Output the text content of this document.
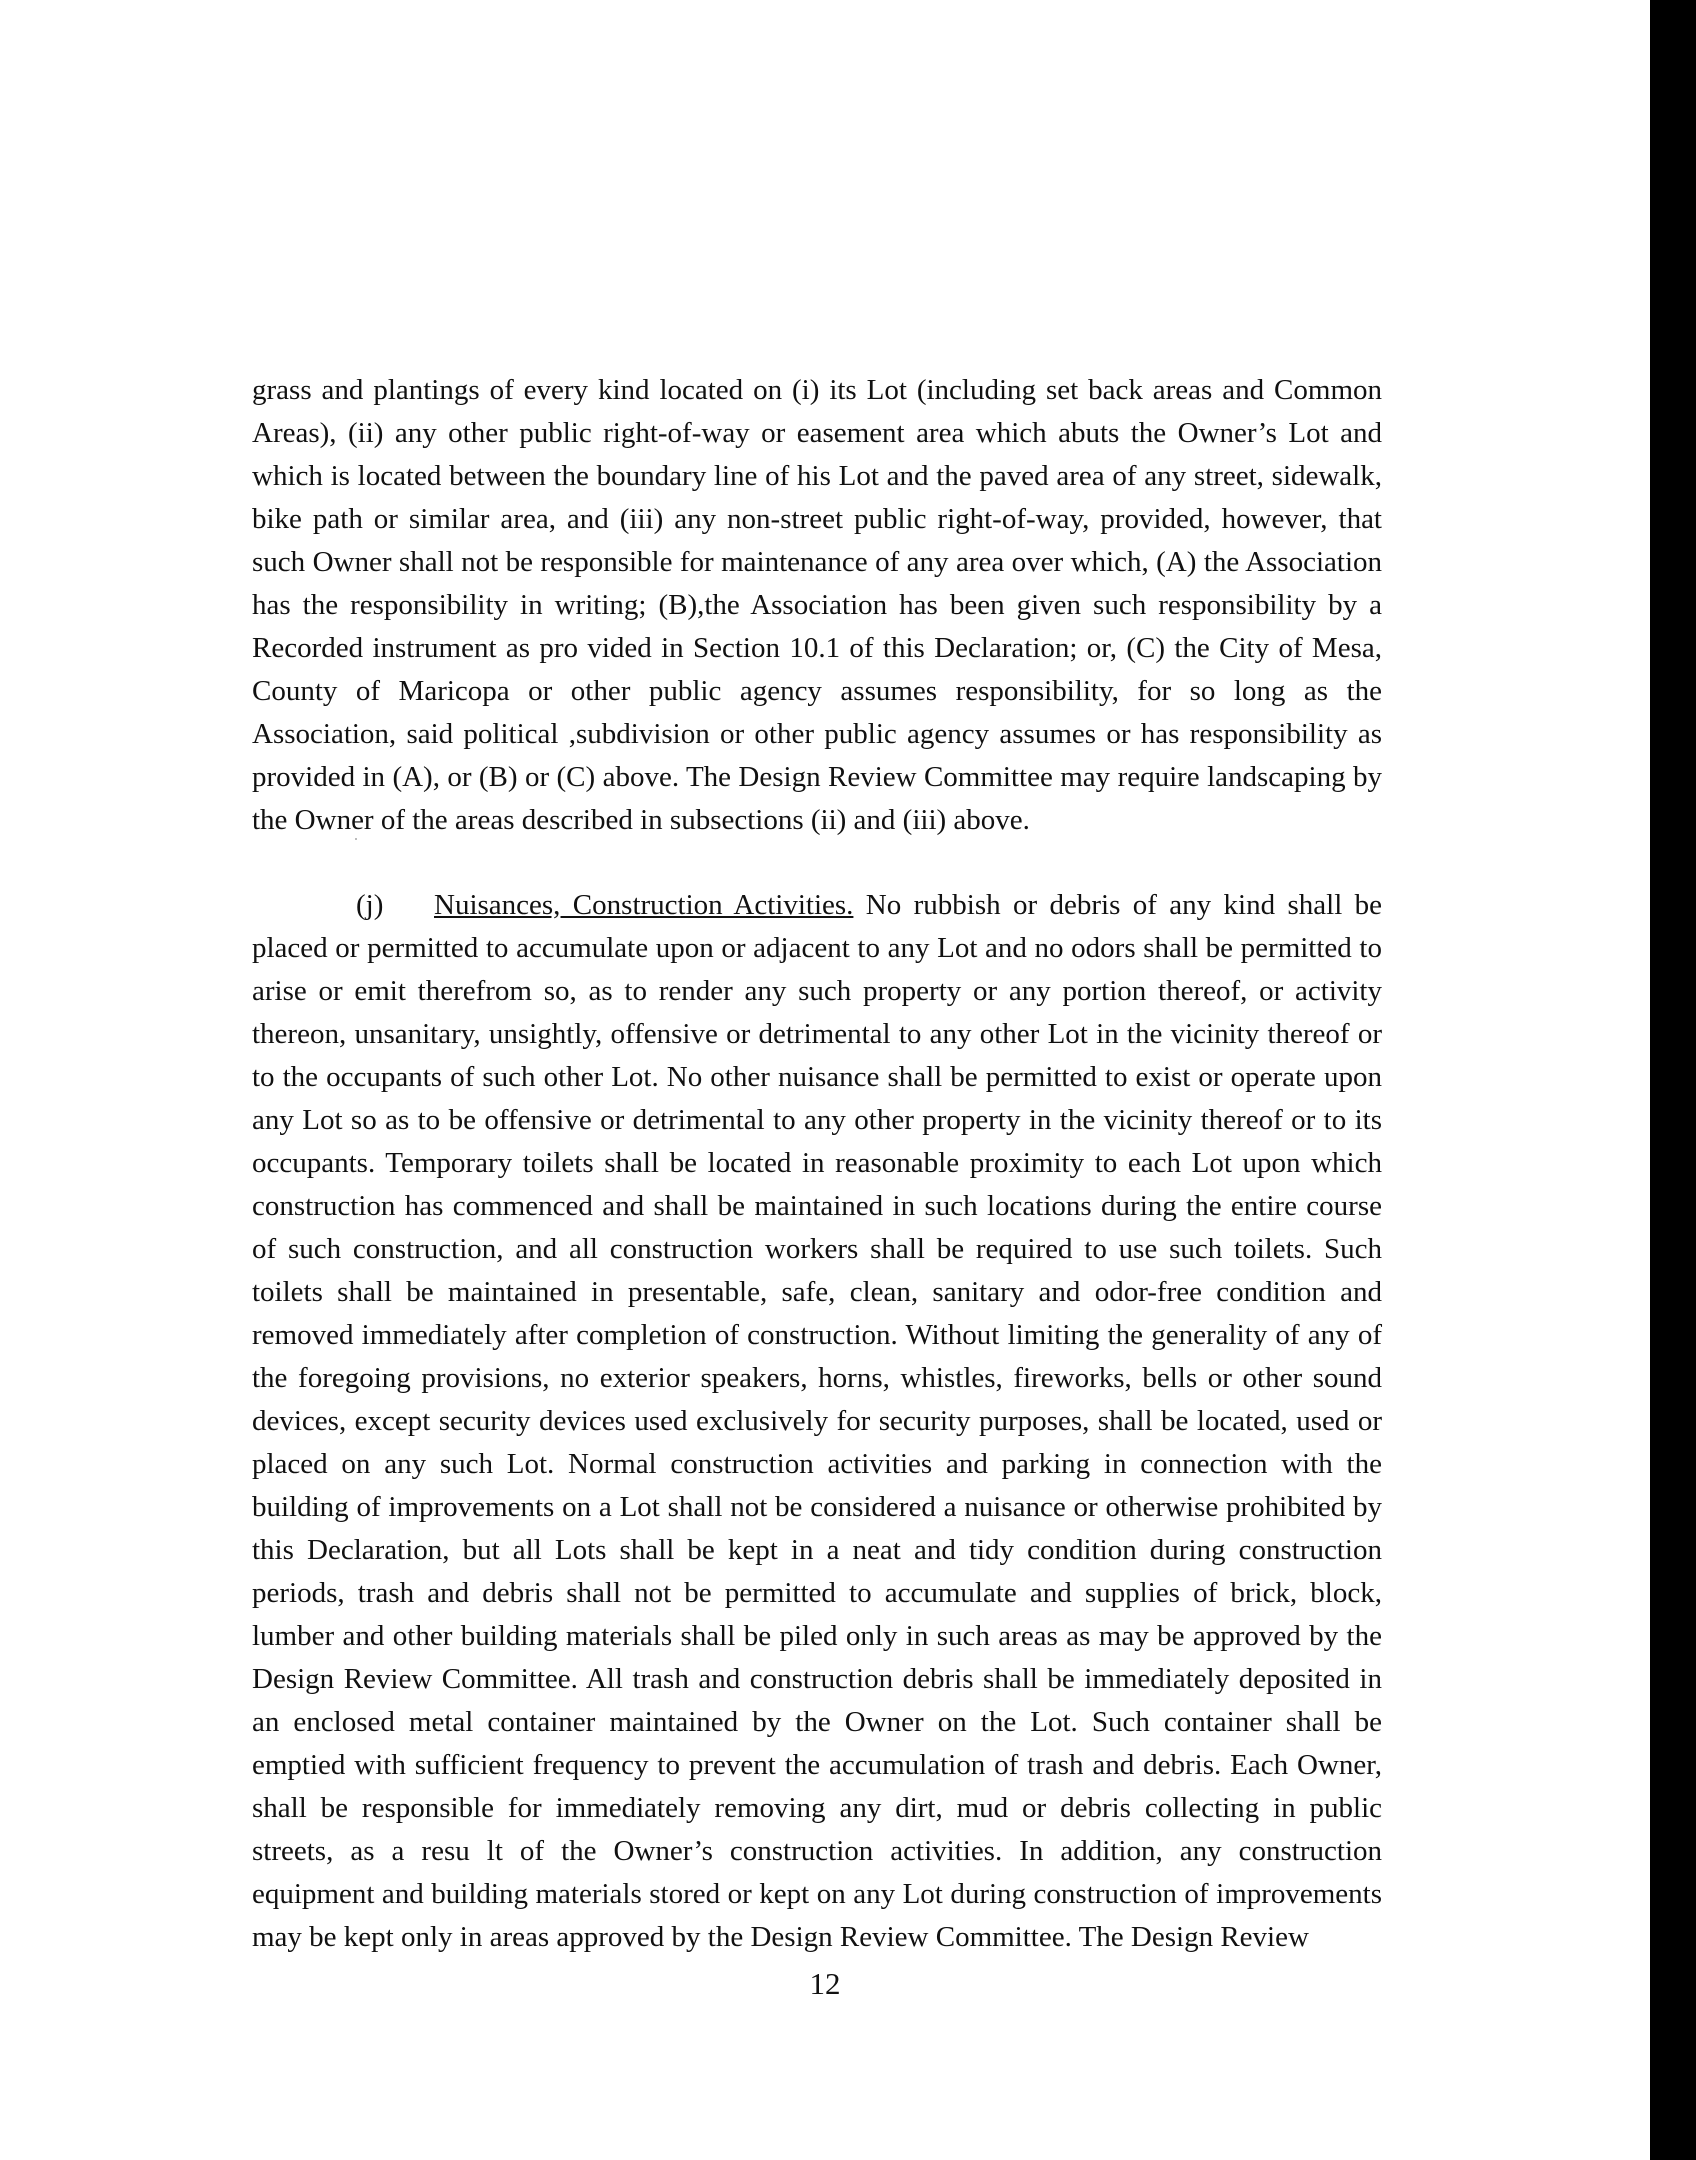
grass and plantings of every kind located on (i) its Lot (including set back areas and Common Areas), (ii) any other public right-of-way or easement area which abuts the Owner’s Lot and which is located between the boundary line of his Lot and the paved area of any street, sidewalk, bike path or similar area, and (iii) any non-street public right-of-way, provided, however, that such Owner shall not be responsible for maintenance of any area over which, (A) the Association has the responsibility in writing; (B),the Association has been given such responsibility by a Recorded instrument as pro vided in Section 10.1 of this Declaration; or, (C) the City of Mesa, County of Maricopa or other public agency assumes responsibility, for so long as the Association, said political ,subdivision or other public agency assumes or has responsibility as provided in (A), or (B) or (C) above. The Design Review Committee may require landscaping by the Owner of the areas described in subsections (ii) and (iii) above.

(j) Nuisances, Construction Activities. No rubbish or debris of any kind shall be placed or permitted to accumulate upon or adjacent to any Lot and no odors shall be permitted to arise or emit therefrom so, as to render any such property or any portion thereof, or activity thereon, unsanitary, unsightly, offensive or detrimental to any other Lot in the vicinity thereof or to the occupants of such other Lot. No other nuisance shall be permitted to exist or operate upon any Lot so as to be offensive or detrimental to any other property in the vicinity thereof or to its occupants. Temporary toilets shall be located in reasonable proximity to each Lot upon which construction has commenced and shall be maintained in such locations during the entire course of such construction, and all construction workers shall be required to use such toilets. Such toilets shall be maintained in presentable, safe, clean, sanitary and odor-free condition and removed immediately after completion of construction. Without limiting the generality of any of the foregoing provisions, no exterior speakers, horns, whistles, fireworks, bells or other sound devices, except security devices used exclusively for security purposes, shall be located, used or placed on any such Lot. Normal construction activities and parking in connection with the building of improvements on a Lot shall not be considered a nuisance or otherwise prohibited by this Declaration, but all Lots shall be kept in a neat and tidy condition during construction periods, trash and debris shall not be permitted to accumulate and supplies of brick, block, lumber and other building materials shall be piled only in such areas as may be approved by the Design Review Committee. All trash and construction debris shall be immediately deposited in an enclosed metal container maintained by the Owner on the Lot. Such container shall be emptied with sufficient frequency to prevent the accumulation of trash and debris. Each Owner, shall be responsible for immediately removing any dirt, mud or debris collecting in public streets, as a resu lt of the Owner’s construction activities. In addition, any construction equipment and building materials stored or kept on any Lot during construction of improvements may be kept only in areas approved by the Design Review Committee. The Design Review

12
